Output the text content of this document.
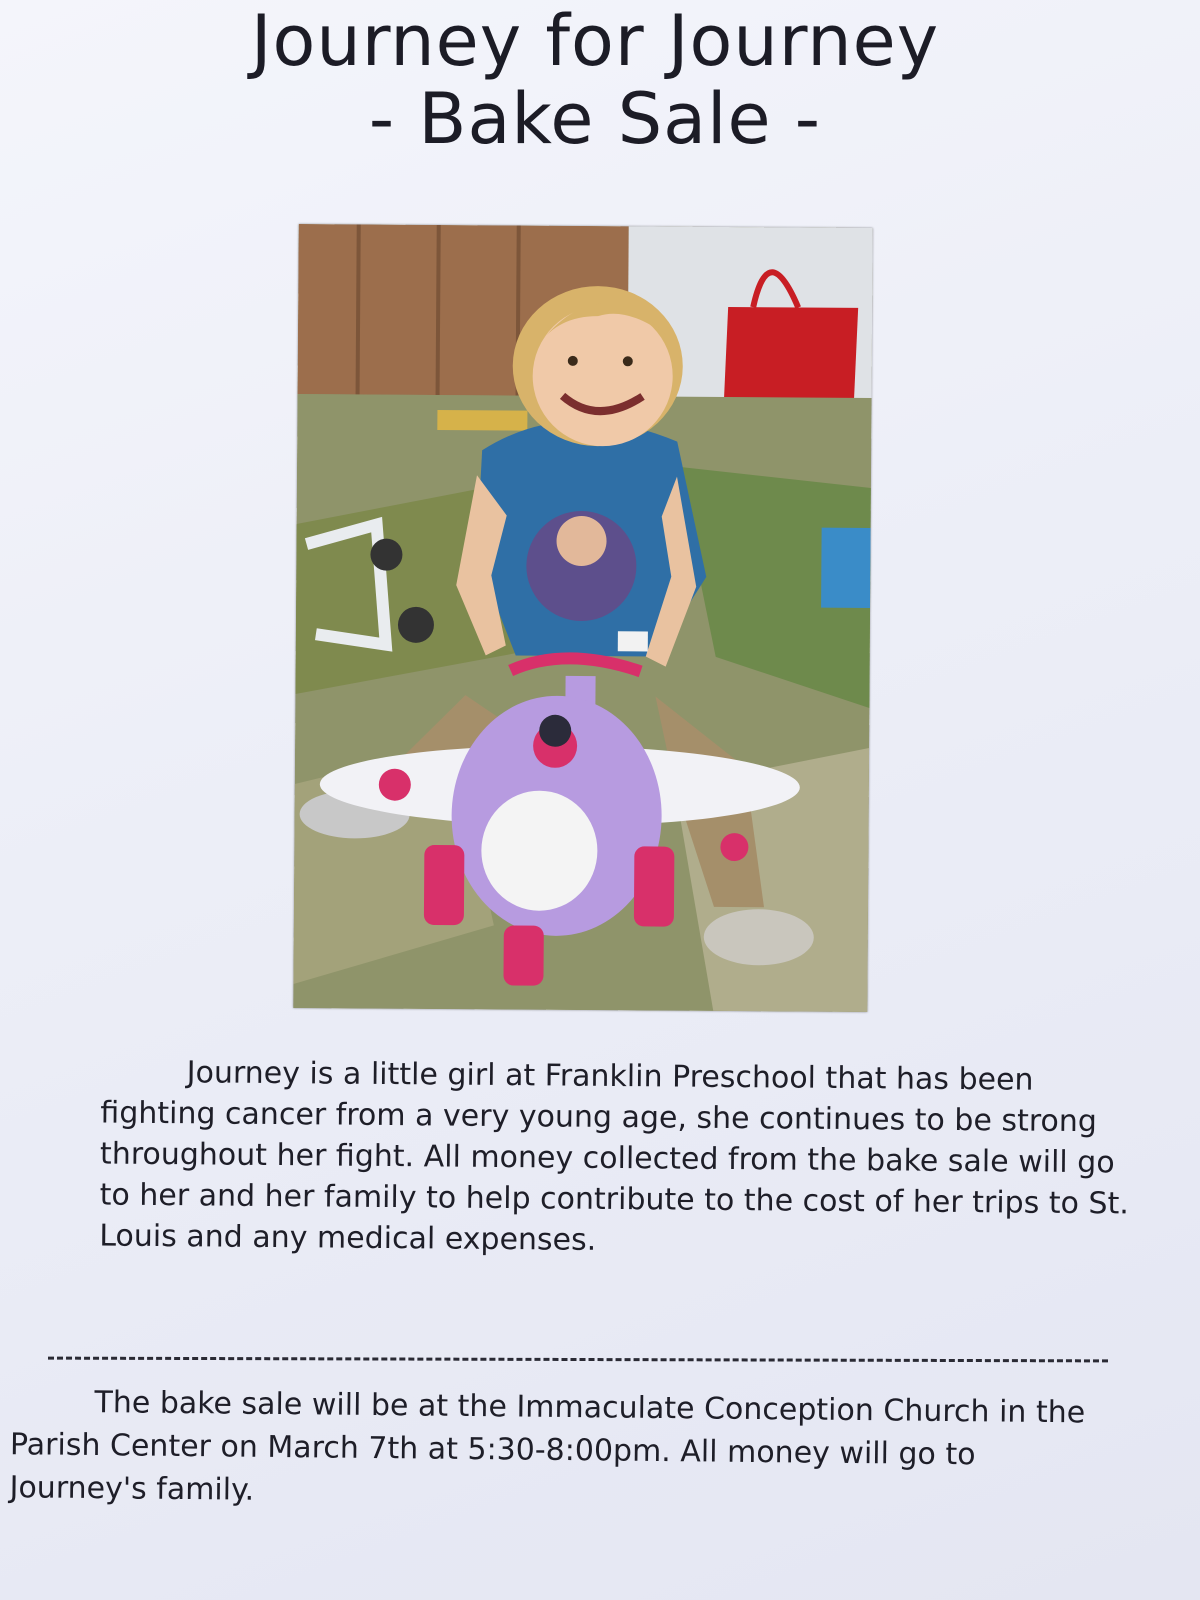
Journey for Journey
- Bake Sale -

Journey is a little girl at Franklin Preschool that has been fighting cancer from a very young age, she continues to be strong throughout her fight. All money collected from the bake sale will go to her and her family to help contribute to the cost of her trips to St. Louis and any medical expenses.

The bake sale will be at the Immaculate Conception Church in the Parish Center on March 7th at 5:30-8:00pm. All money will go to Journey's family.
